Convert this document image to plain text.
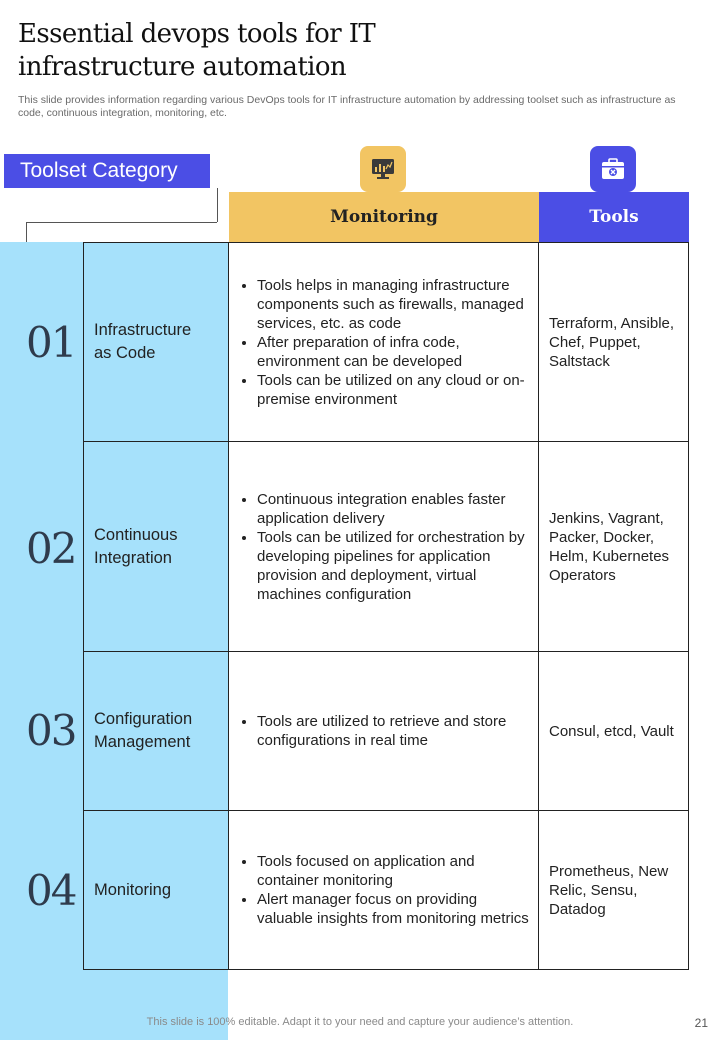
Essential devops tools for IT infrastructure automation
This slide provides information regarding various DevOps tools for IT infrastructure automation by addressing toolset such as infrastructure as code, continuous integration, monitoring, etc.
Toolset Category
Monitoring	Tools
01	Infrastructure
as Code
• Tools helps in managing infrastructure components such as firewalls, managed services, etc. as code
• After preparation of infra code, environment can be developed
• Tools can be utilized on any cloud or on-premise environment
Terraform, Ansible, Chef, Puppet, Saltstack
02	Continuous
Integration
• Continuous integration enables faster application delivery
• Tools can be utilized for orchestration by developing pipelines for application provision and deployment, virtual machines configuration
Jenkins, Vagrant, Packer, Docker, Helm, Kubernetes Operators
03	Configuration
Management
• Tools are utilized to retrieve and store configurations in real time
Consul, etcd, Vault
04	Monitoring
• Tools focused on application and container monitoring
• Alert manager focus on providing valuable insights from monitoring metrics
Prometheus, New Relic, Sensu, Datadog
This slide is 100% editable. Adapt it to your need and capture your audience’s attention.	21
